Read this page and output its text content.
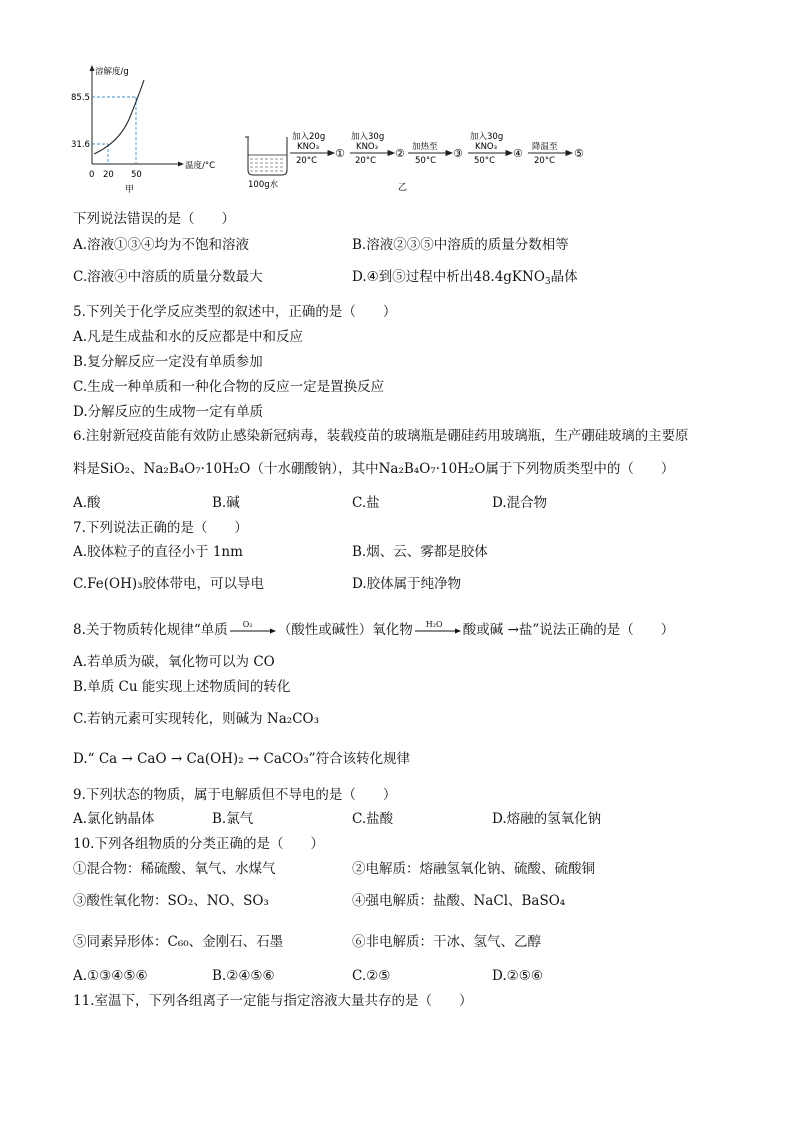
溶解度/g
85.5
31.6
0 20 50
温度/°C
甲	100g水
加入20g
KNO₃
20°C
①
加入30g
KNO₃
20°C
② 加热至
50°C
③
加入30g
KNO₃
50°C
④ 降温至
20°C
⑤
乙
下列说法错误的是（　　）
A.溶液①③④均为不饱和溶液	B.溶液②③⑤中溶质的质量分数相等
C.溶液④中溶质的质量分数最大	D.④到⑤过程中析出48.4gKNO$_3$晶体
5.下列关于化学反应类型的叙述中，正确的是（　　）
A.凡是生成盐和水的反应都是中和反应
B.复分解反应一定没有单质参加
C.生成一种单质和一种化合物的反应一定是置换反应
D.分解反应的生成物一定有单质
6.注射新冠疫苗能有效防止感染新冠病毒，装载疫苗的玻璃瓶是硼硅药用玻璃瓶，生产硼硅玻璃的主要原
料是SiO₂、Na₂B₄O₇·10H₂O（十水硼酸钠），其中Na₂B₄O₇·10H₂O属于下列物质类型中的（　　）
A.酸	B.碱	C.盐	D.混合物
7.下列说法正确的是（　　）
A.胶体粒子的直径小于 1nm	B.烟、云、雾都是胶体
C.Fe(OH)₃胶体带电，可以导电	D.胶体属于纯净物
8.关于物质转化规律“单质 O₂ （酸性或碱性）氧化物 H₂O 酸或碱 →盐”说法正确的是（　　）
A.若单质为碳，氧化物可以为 CO
B.单质 Cu 能实现上述物质间的转化
C.若钠元素可实现转化，则碱为 Na₂CO₃
D.“ Ca → CaO → Ca(OH)₂ → CaCO₃”符合该转化规律
9.下列状态的物质，属于电解质但不导电的是（　　）
A.氯化钠晶体	B.氯气	C.盐酸	D.熔融的氢氧化钠
10.下列各组物质的分类正确的是（　　）
①混合物：稀硫酸、氧气、水煤气	②电解质：熔融氢氧化钠、硫酸、硫酸铜
③酸性氧化物：SO₂、NO、SO₃	④强电解质：盐酸、NaCl、BaSO₄
⑤同素异形体：C₆₀、金刚石、石墨	⑥非电解质：干冰、氢气、乙醇
A.①③④⑤⑥	B.②④⑤⑥	C.②⑤	D.②⑤⑥
11.室温下，下列各组离子一定能与指定溶液大量共存的是（　　）
